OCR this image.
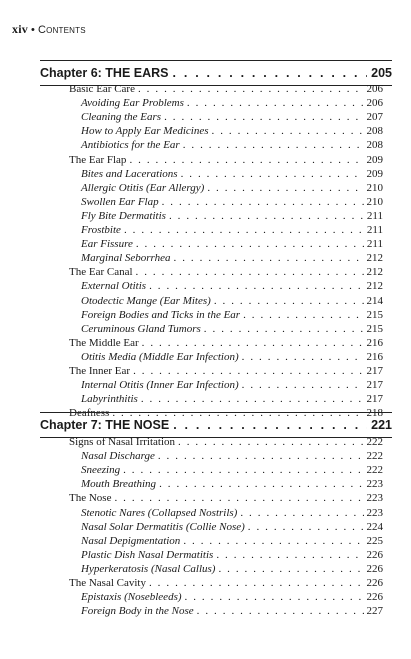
xiv • Contents
Chapter 6: THE EARS . . .	205
Basic Ear Care . . .	206
Avoiding Ear Problems . . .	206
Cleaning the Ears . . .	207
How to Apply Ear Medicines . . .	208
Antibiotics for the Ear . . .	208
The Ear Flap . . .	209
Bites and Lacerations . . .	209
Allergic Otitis (Ear Allergy) . . .	210
Swollen Ear Flap . . .	210
Fly Bite Dermatitis . . .	211
Frostbite . . .	211
Ear Fissure . . .	211
Marginal Seborrhea . . .	212
The Ear Canal . . .	212
External Otitis . . .	212
Otodectic Mange (Ear Mites) . . .	214
Foreign Bodies and Ticks in the Ear . . .	215
Ceruminous Gland Tumors . . .	215
The Middle Ear . . .	216
Otitis Media (Middle Ear Infection) . . .	216
The Inner Ear . . .	217
Internal Otitis (Inner Ear Infection) . . .	217
Labyrinthitis . . .	217
Deafness . . .	218
Chapter 7: THE NOSE . . .	221
Signs of Nasal Irritation . . .	222
Nasal Discharge . . .	222
Sneezing . . .	222
Mouth Breathing . . .	223
The Nose . . .	223
Stenotic Nares (Collapsed Nostrils) . . .	223
Nasal Solar Dermatitis (Collie Nose) . . .	224
Nasal Depigmentation . . .	225
Plastic Dish Nasal Dermatitis . . .	226
Hyperkeratosis (Nasal Callus) . . .	226
The Nasal Cavity . . .	226
Epistaxis (Nosebleeds) . . .	226
Foreign Body in the Nose . . .	227
